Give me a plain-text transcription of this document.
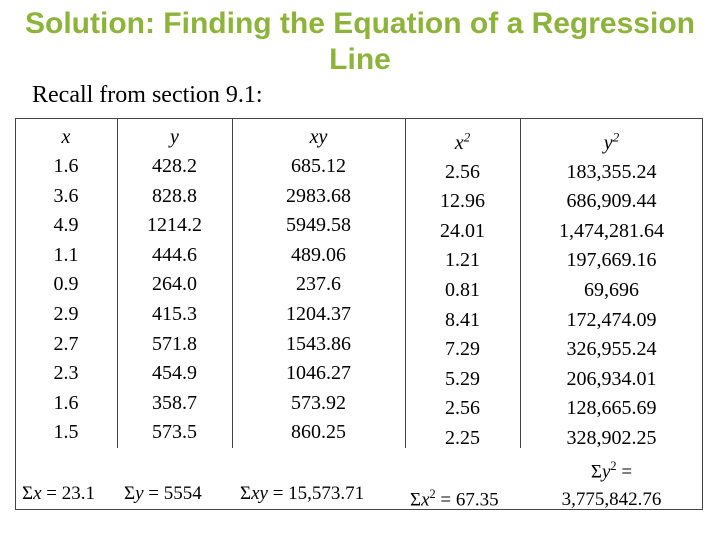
Solution: Finding the Equation of a Regression Line
Recall from section 9.1:
x
1.6
3.6
4.9
1.1
0.9
2.9
2.7
2.3
1.6
1.5
y
428.2
828.8
1214.2
444.6
264.0
415.3
571.8
454.9
358.7
573.5
xy
685.12
2983.68
5949.58
489.06
237.6
1204.37
1543.86
1046.27
573.92
860.25
$x^2$
2.56
12.96
24.01
1.21
0.81
8.41
7.29
5.29
2.56
2.25
$y^2$
183,355.24
686,909.44
1,474,281.64
197,669.16
69,696
172,474.09
326,955.24
206,934.01
128,665.69
328,902.25
Σx = 23.1 Σy = 5554 Σxy = 15,573.71 $\Sigma x^2 = 67.35$
$\Sigma y^2$ =
3,775,842.76
